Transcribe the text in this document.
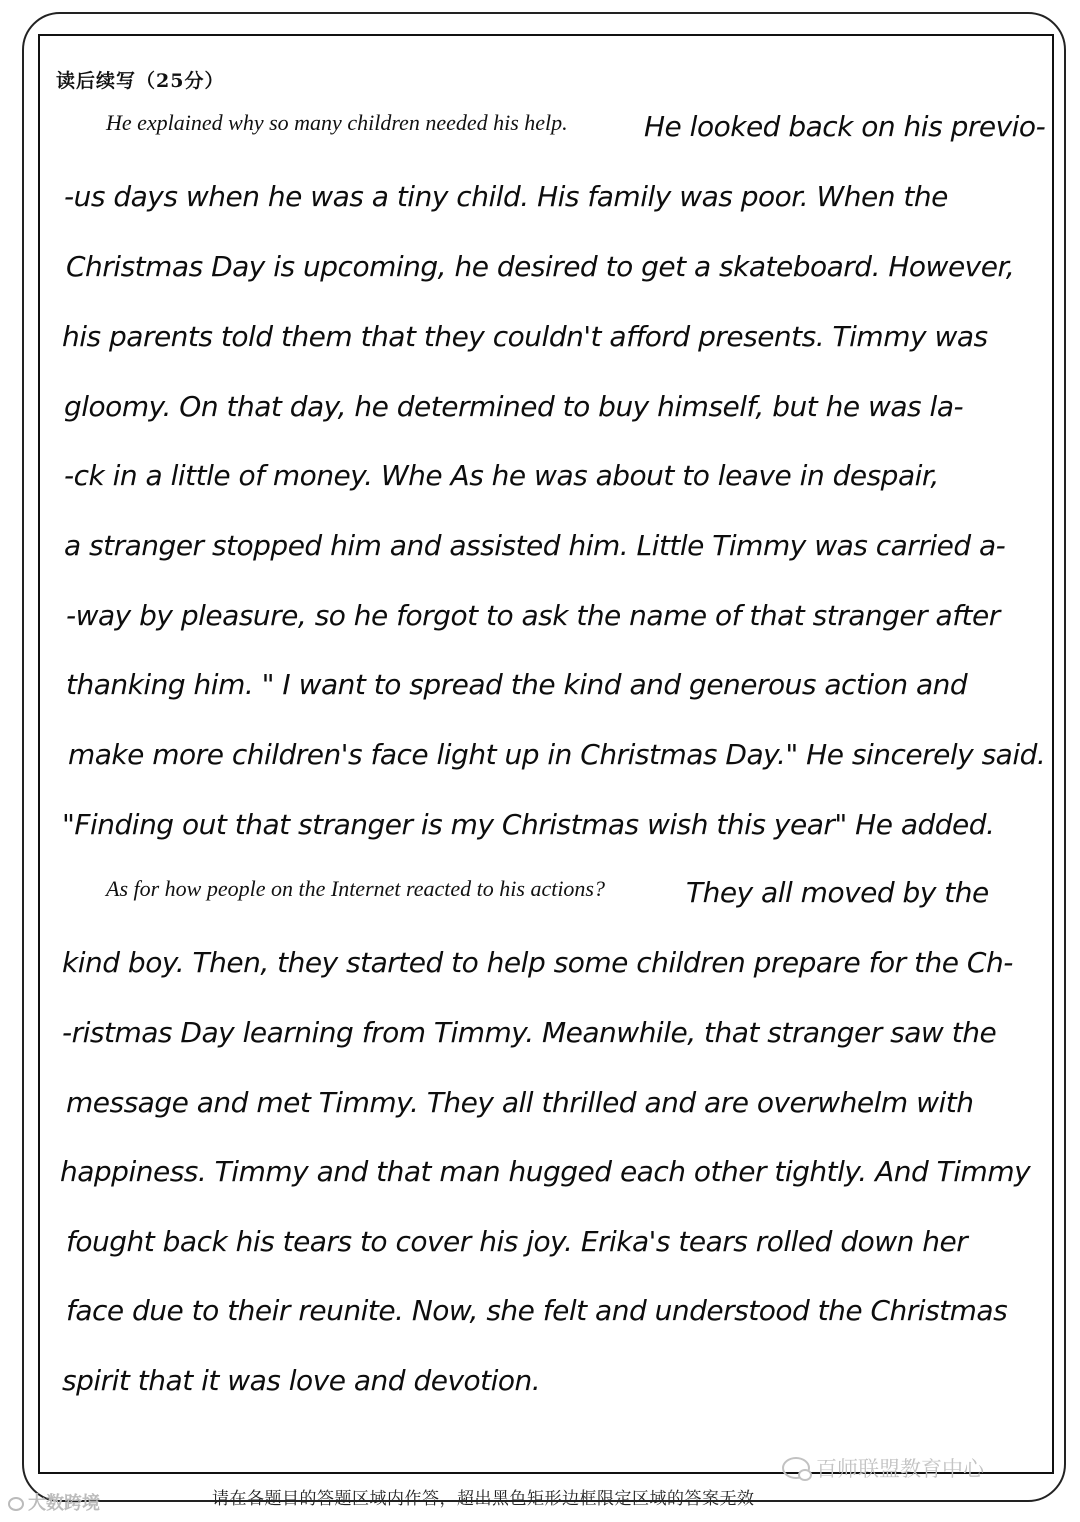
读后续写（25分）
He explained why so many children needed his help.	He looked back on his previo-
-us days when he was a tiny child. His family was poor. When the
Christmas Day is upcoming, he desired to get a skateboard. However,
his parents told them that they couldn't afford presents. Timmy was
gloomy. On that day, he determined to buy himself, but he was la-
-ck in a little of money. Whe As he was about to leave in despair,
a stranger stopped him and assisted him. Little Timmy was carried a-
-way by pleasure, so he forgot to ask the name of that stranger after
thanking him. " I want to spread the kind and generous action and
make more children's face light up in Christmas Day." He sincerely said.
"Finding out that stranger is my Christmas wish this year" He added.
As for how people on the Internet reacted to his actions?	They all moved by the
kind boy. Then, they started to help some children prepare for the Ch-
-ristmas Day learning from Timmy. Meanwhile, that stranger saw the
message and met Timmy. They all thrilled and are overwhelm with
happiness. Timmy and that man hugged each other tightly. And Timmy
fought back his tears to cover his joy. Erika's tears rolled down her
face due to their reunite. Now, she felt and understood the Christmas
spirit that it was love and devotion.
百师联盟教育中心
请在各题目的答题区域内作答，超出黑色矩形边框限定区域的答案无效
大数跨境
